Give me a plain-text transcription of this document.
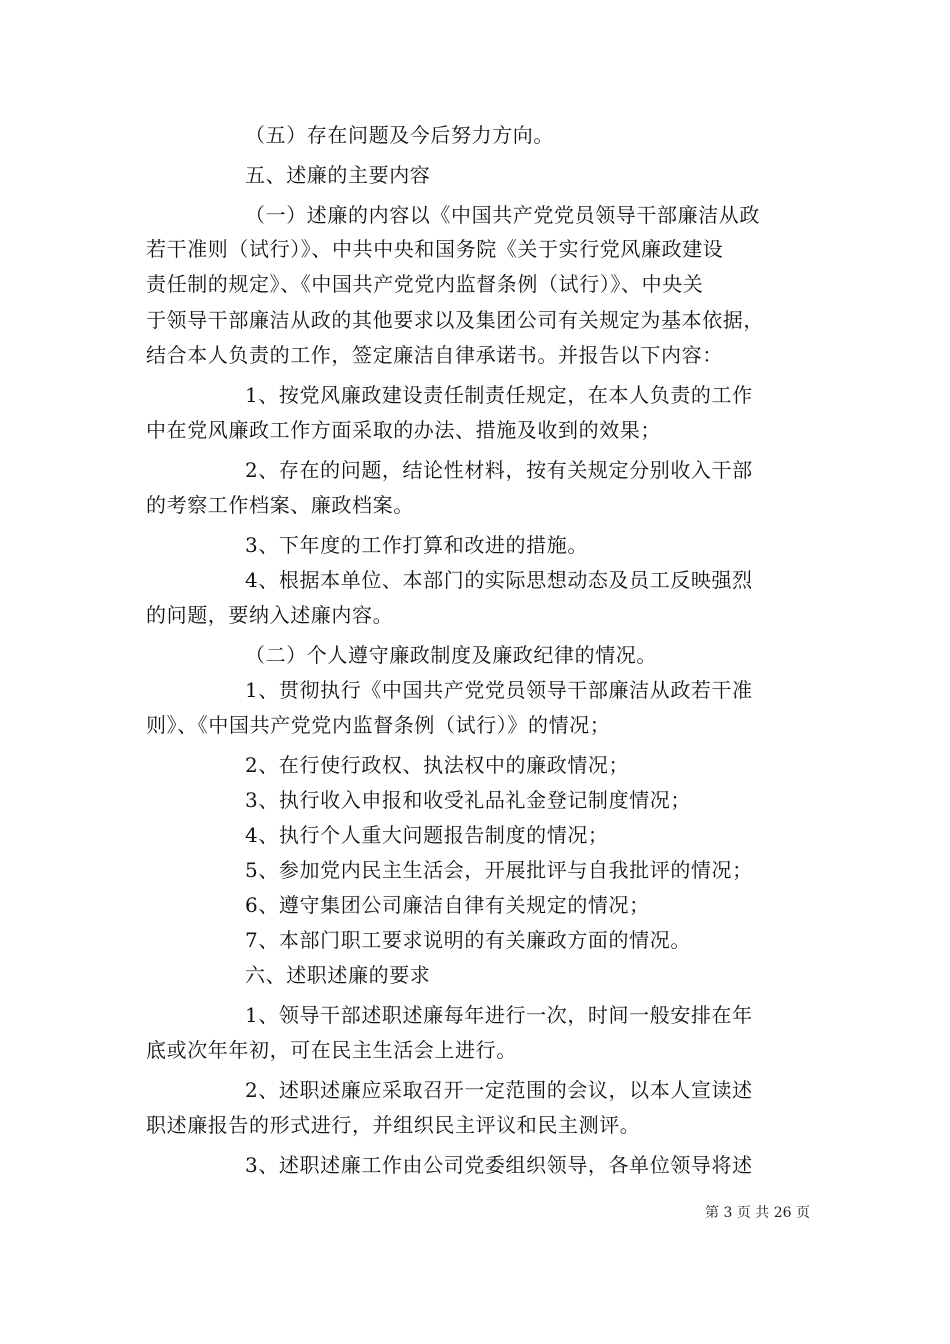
（五）存在问题及今后努力方向。
五、述廉的主要内容
（一）述廉的内容以《中国共产党党员领导干部廉洁从政
若干准则（试行）》、中共中央和国务院《关于实行党风廉政建设
责任制的规定》、《中国共产党党内监督条例（试行）》、中央关
于领导干部廉洁从政的其他要求以及集团公司有关规定为基本依据，
结合本人负责的工作，签定廉洁自律承诺书。并报告以下内容：
1、按党风廉政建设责任制责任规定，在本人负责的工作
中在党风廉政工作方面采取的办法、措施及收到的效果；
2、存在的问题，结论性材料，按有关规定分别收入干部
的考察工作档案、廉政档案。
3、下年度的工作打算和改进的措施。
4、根据本单位、本部门的实际思想动态及员工反映强烈
的问题，要纳入述廉内容。
（二）个人遵守廉政制度及廉政纪律的情况。
1、贯彻执行《中国共产党党员领导干部廉洁从政若干准
则》、《中国共产党党内监督条例（试行）》的情况；
2、在行使行政权、执法权中的廉政情况；
3、执行收入申报和收受礼品礼金登记制度情况；
4、执行个人重大问题报告制度的情况；
5、参加党内民主生活会，开展批评与自我批评的情况；
6、遵守集团公司廉洁自律有关规定的情况；
7、本部门职工要求说明的有关廉政方面的情况。
六、述职述廉的要求
1、领导干部述职述廉每年进行一次，时间一般安排在年
底或次年年初，可在民主生活会上进行。
2、述职述廉应采取召开一定范围的会议，以本人宣读述
职述廉报告的形式进行，并组织民主评议和民主测评。
3、述职述廉工作由公司党委组织领导，各单位领导将述
第 3 页 共 26 页
